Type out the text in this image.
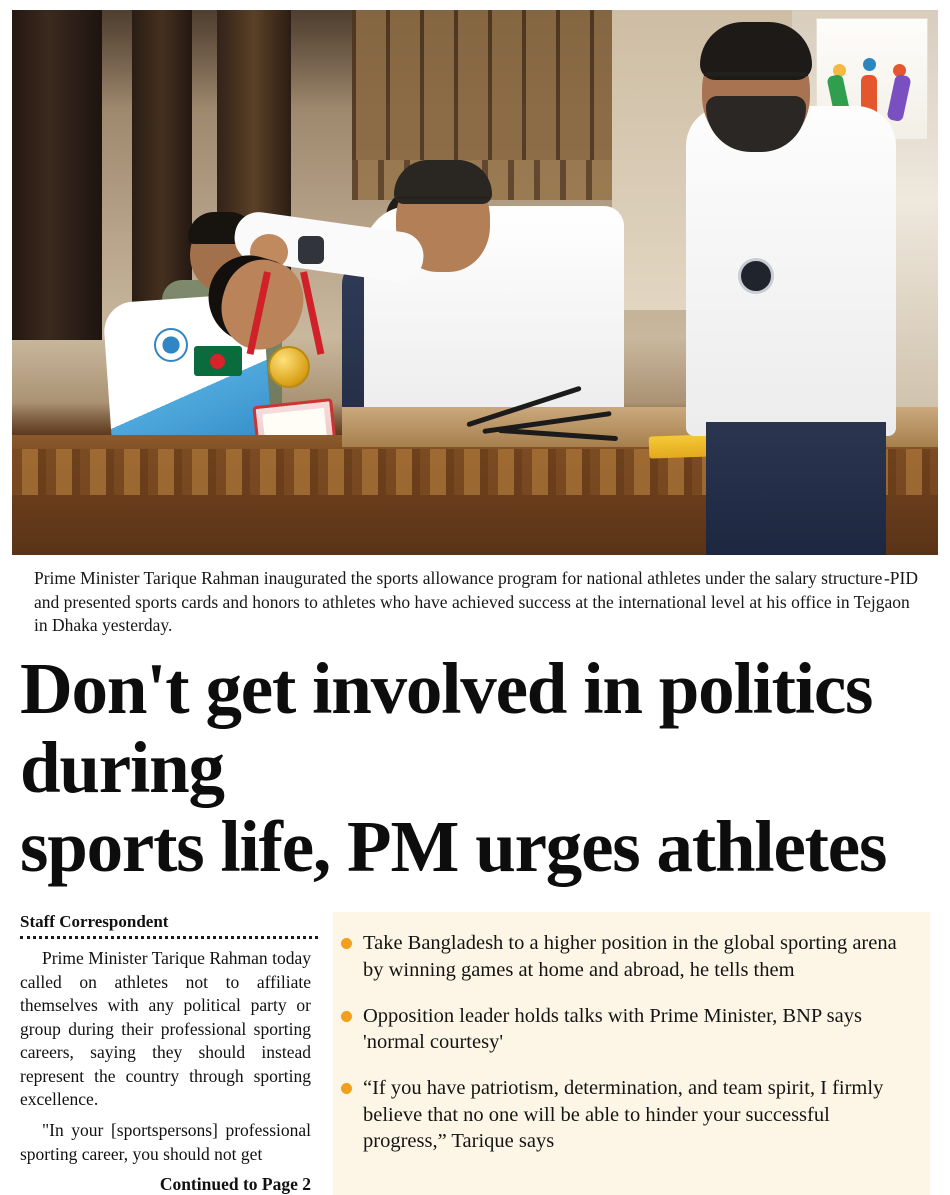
-PID
Prime Minister Tarique Rahman inaugurated the sports allowance program for national athletes under the salary structure and presented sports cards and honors to athletes who have achieved success at the international level at his office in Tejgaon in Dhaka yesterday.
Don't get involved in politics during
sports life, PM urges athletes
Staff Correspondent

Prime Minister Tarique Rahman today called on athletes not to affiliate themselves with any political party or group during their professional sporting careers, saying they should instead represent the country through sporting excellence.

"In your [sportspersons] professional sporting career, you should not get

Continued to Page 2
Take Bangladesh to a higher position in the global sporting arena by winning games at home and abroad, he tells them
Opposition leader holds talks with Prime Minister, BNP says 'normal courtesy'
“If you have patriotism, determination, and team spirit, I firmly believe that no one will be able to hinder your successful progress,” Tarique says
